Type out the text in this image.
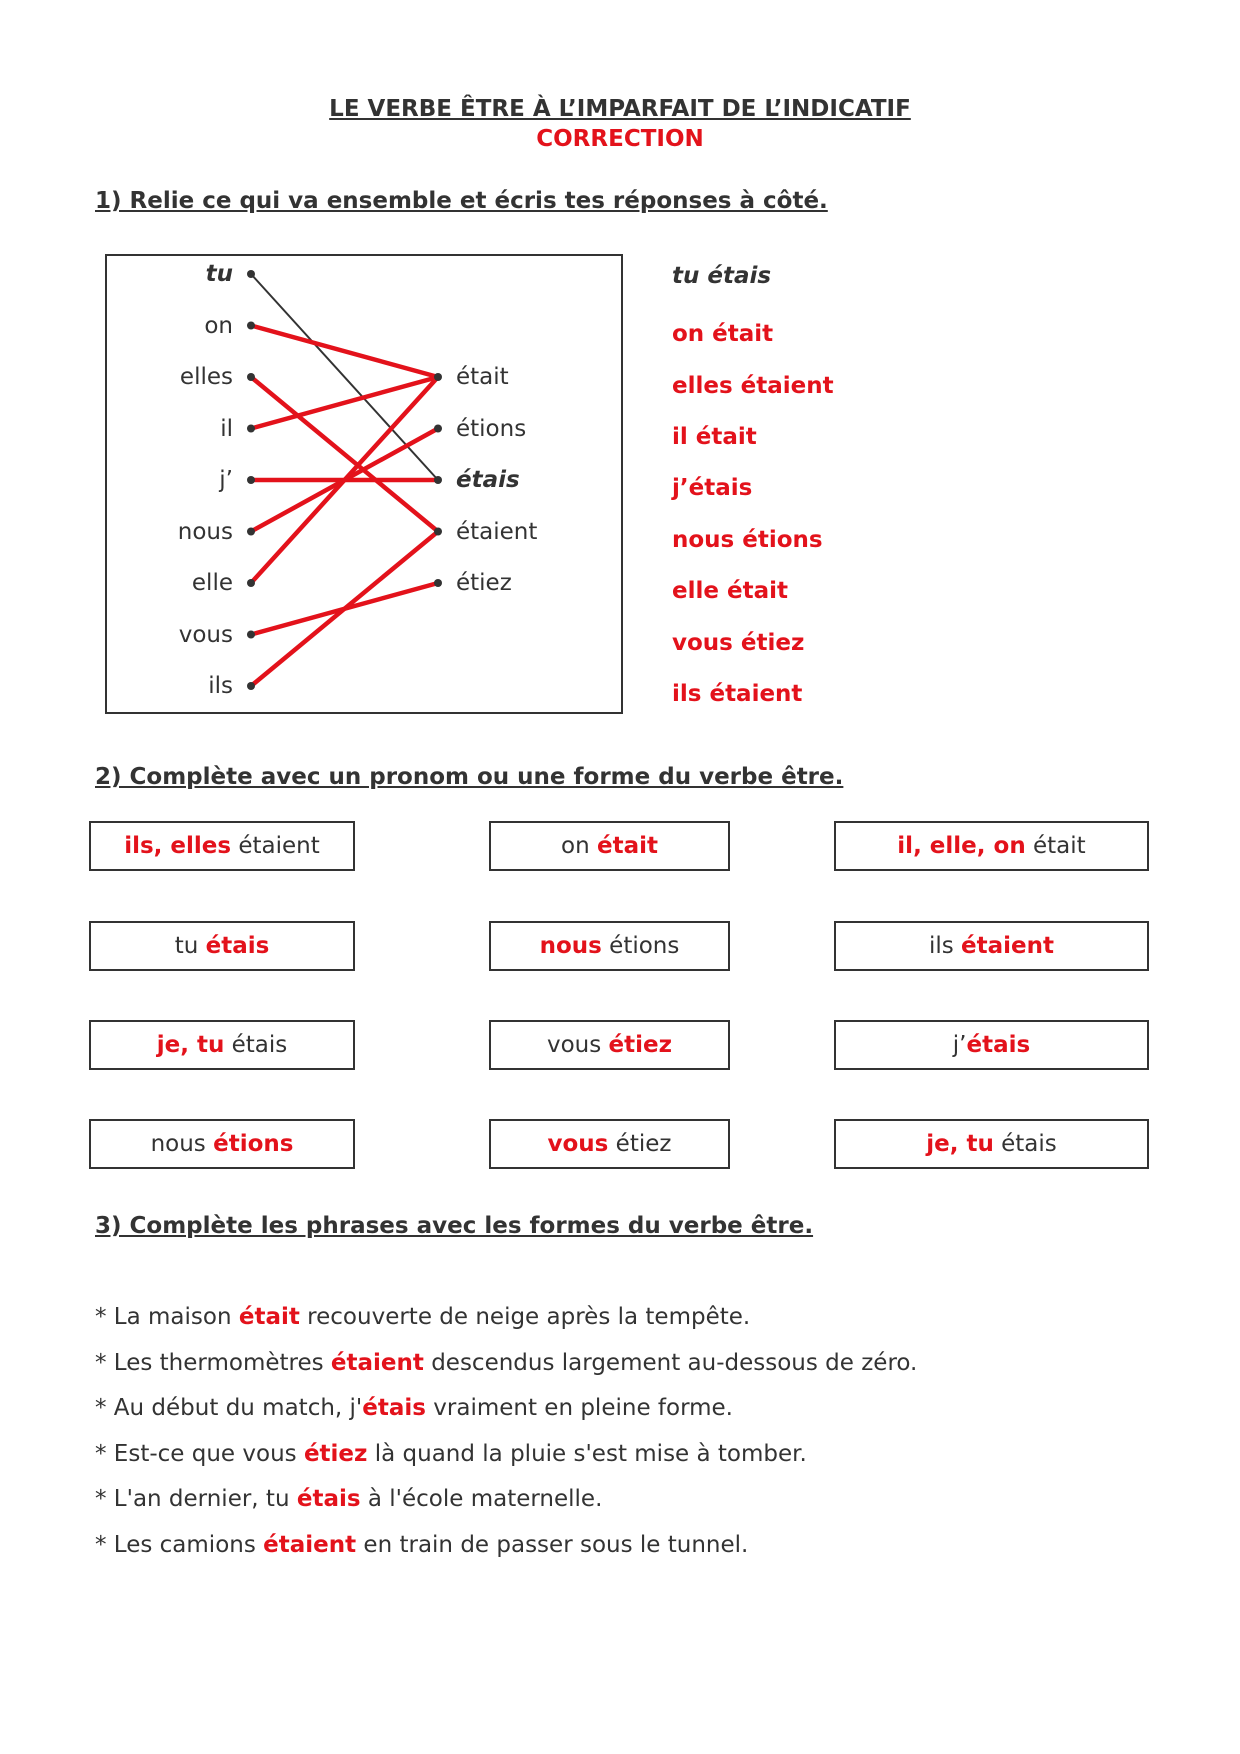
LE VERBE ÊTRE À L’IMPARFAIT DE L’INDICATIF
CORRECTION
1) Relie ce qui va ensemble et écris tes réponses à côté.
tu
on
elles
il
j’
nous
elle
vous
ils
était
étions
étais
étaient
étiez
tu étais
on était
elles étaient
il était
j’étais
nous étions
elle était
vous étiez
ils étaient
2) Complète avec un pronom ou une forme du verbe être.
ils, elles étaient	on était	il, elle, on était
tu étais	nous étions	ils étaient
je, tu étais	vous étiez	j’ étais
nous étions	vous étiez	je, tu étais
3) Complète les phrases avec les formes du verbe être.
* La maison était recouverte de neige après la tempête.
* Les thermomètres étaient descendus largement au-dessous de zéro.
* Au début du match, j'étais vraiment en pleine forme.
* Est-ce que vous étiez là quand la pluie s'est mise à tomber.
* L'an dernier, tu étais à l'école maternelle.
* Les camions étaient en train de passer sous le tunnel.
